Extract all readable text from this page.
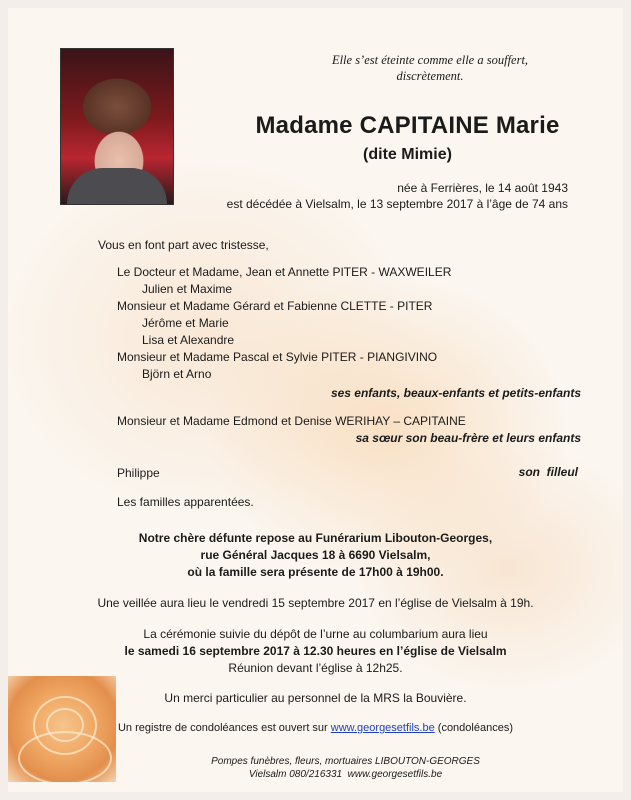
Elle s’est éteinte comme elle a souffert,
discrètement.
Madame CAPITAINE Marie
(dite Mimie)
née à Ferrières, le 14 août 1943
est décédée à Vielsalm, le 13 septembre 2017 à l’âge de 74 ans
Vous en font part avec tristesse,
Le Docteur et Madame, Jean et Annette PITER - WAXWEILER
Julien et Maxime
Monsieur et Madame Gérard et Fabienne CLETTE - PITER
Jérôme et Marie
Lisa et Alexandre
Monsieur et Madame Pascal et Sylvie PITER - PIANGIVINO
Björn et Arno
ses enfants, beaux-enfants et petits-enfants
Monsieur et Madame Edmond et Denise WERIHAY – CAPITAINE
sa sœur son beau-frère et leurs enfants
Philippe	son  filleul
Les familles apparentées.
Notre chère défunte repose au Funérarium Libouton-Georges,
rue Général Jacques 18 à 6690 Vielsalm,
où la famille sera présente de 17h00 à 19h00.
Une veillée aura lieu le vendredi 15 septembre 2017 en l’église de Vielsalm à 19h.
La cérémonie suivie du dépôt de l’urne au columbarium aura lieu
le samedi 16 septembre 2017 à 12.30 heures en l’église de Vielsalm
Réunion devant l’église à 12h25.
Un merci particulier au personnel de la MRS la Bouvière.
Un registre de condoléances est ouvert sur www.georgesetfils.be (condoléances)
Pompes funèbres, fleurs, mortuaires LIBOUTON-GEORGES
Vielsalm 080/216331  www.georgesetfils.be
